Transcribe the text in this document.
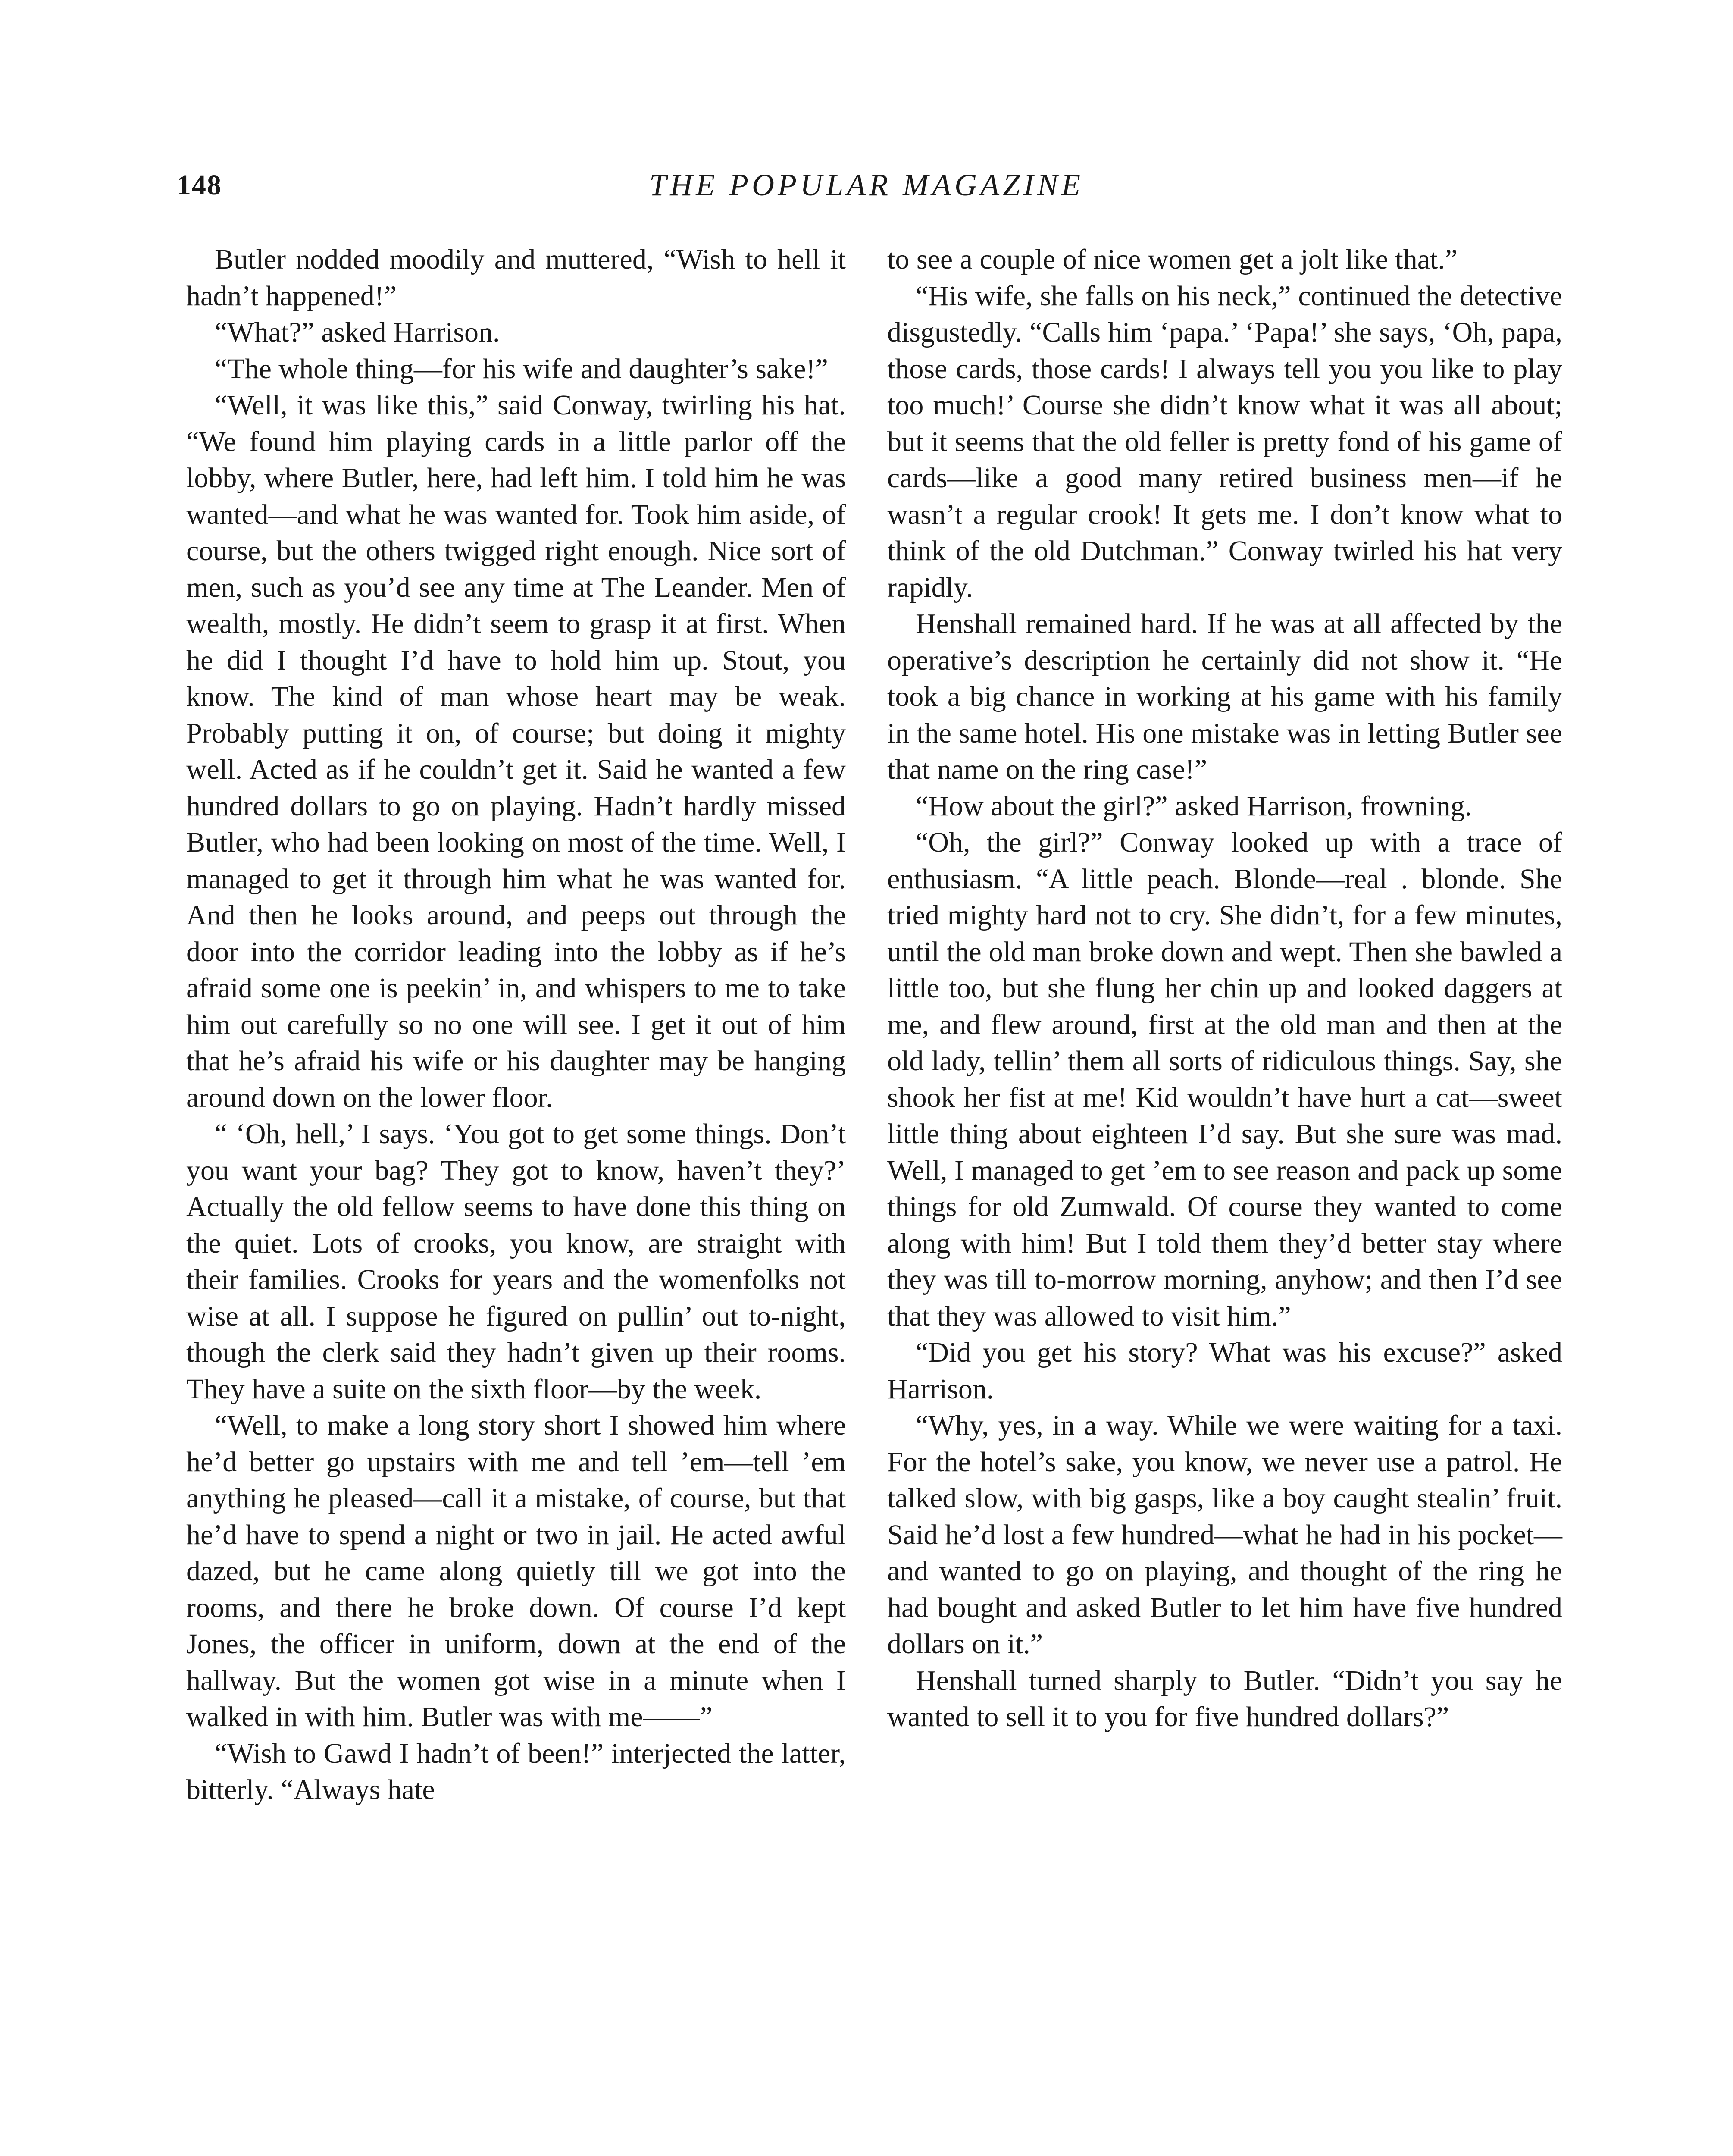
148	THE POPULAR MAGAZINE

Butler nodded moodily and muttered, “Wish to hell it hadn’t happened!”

“What?” asked Harrison.

“The whole thing—for his wife and daughter’s sake!”

“Well, it was like this,” said Conway, twirling his hat. “We found him playing cards in a little parlor off the lobby, where Butler, here, had left him. I told him he was wanted—and what he was wanted for. Took him aside, of course, but the others twigged right enough. Nice sort of men, such as you’d see any time at The Leander. Men of wealth, mostly. He didn’t seem to grasp it at first. When he did I thought I’d have to hold him up. Stout, you know. The kind of man whose heart may be weak. Probably putting it on, of course; but doing it mighty well. Acted as if he couldn’t get it. Said he wanted a few hundred dollars to go on playing. Hadn’t hardly missed Butler, who had been looking on most of the time. Well, I managed to get it through him what he was wanted for. And then he looks around, and peeps out through the door into the corridor leading into the lobby as if he’s afraid some one is peekin’ in, and whispers to me to take him out carefully so no one will see. I get it out of him that he’s afraid his wife or his daughter may be hanging around down on the lower floor.

“ ‘Oh, hell,’ I says. ‘You got to get some things. Don’t you want your bag? They got to know, haven’t they?’ Actually the old fellow seems to have done this thing on the quiet. Lots of crooks, you know, are straight with their families. Crooks for years and the womenfolks not wise at all. I suppose he figured on pullin’ out to-night, though the clerk said they hadn’t given up their rooms. They have a suite on the sixth floor—by the week.

“Well, to make a long story short I showed him where he’d better go upstairs with me and tell ’em—tell ’em anything he pleased—call it a mistake, of course, but that he’d have to spend a night or two in jail. He acted awful dazed, but he came along quietly till we got into the rooms, and there he broke down. Of course I’d kept Jones, the officer in uniform, down at the end of the hallway. But the women got wise in a minute when I walked in with him. Butler was with me——”

“Wish to Gawd I hadn’t of been!” interjected the latter, bitterly. “Always hate

to see a couple of nice women get a jolt like that.”

“His wife, she falls on his neck,” continued the detective disgustedly. “Calls him ‘papa.’ ‘Papa!’ she says, ‘Oh, papa, those cards, those cards! I always tell you you like to play too much!’ Course she didn’t know what it was all about; but it seems that the old feller is pretty fond of his game of cards—like a good many retired business men—if he wasn’t a regular crook! It gets me. I don’t know what to think of the old Dutchman.” Conway twirled his hat very rapidly.

Henshall remained hard. If he was at all affected by the operative’s description he certainly did not show it. “He took a big chance in working at his game with his family in the same hotel. His one mistake was in letting Butler see that name on the ring case!”

“How about the girl?” asked Harrison, frowning.

“Oh, the girl?” Conway looked up with a trace of enthusiasm. “A little peach. Blonde—real . blonde. She tried mighty hard not to cry. She didn’t, for a few minutes, until the old man broke down and wept. Then she bawled a little too, but she flung her chin up and looked daggers at me, and flew around, first at the old man and then at the old lady, tellin’ them all sorts of ridiculous things. Say, she shook her fist at me! Kid wouldn’t have hurt a cat—sweet little thing about eighteen I’d say. But she sure was mad. Well, I managed to get ’em to see reason and pack up some things for old Zumwald. Of course they wanted to come along with him! But I told them they’d better stay where they was till to-morrow morning, anyhow; and then I’d see that they was allowed to visit him.”

“Did you get his story? What was his excuse?” asked Harrison.

“Why, yes, in a way. While we were waiting for a taxi. For the hotel’s sake, you know, we never use a patrol. He talked slow, with big gasps, like a boy caught stealin’ fruit. Said he’d lost a few hundred—what he had in his pocket—and wanted to go on playing, and thought of the ring he had bought and asked Butler to let him have five hundred dollars on it.”

Henshall turned sharply to Butler. “Didn’t you say he wanted to sell it to you for five hundred dollars?”
